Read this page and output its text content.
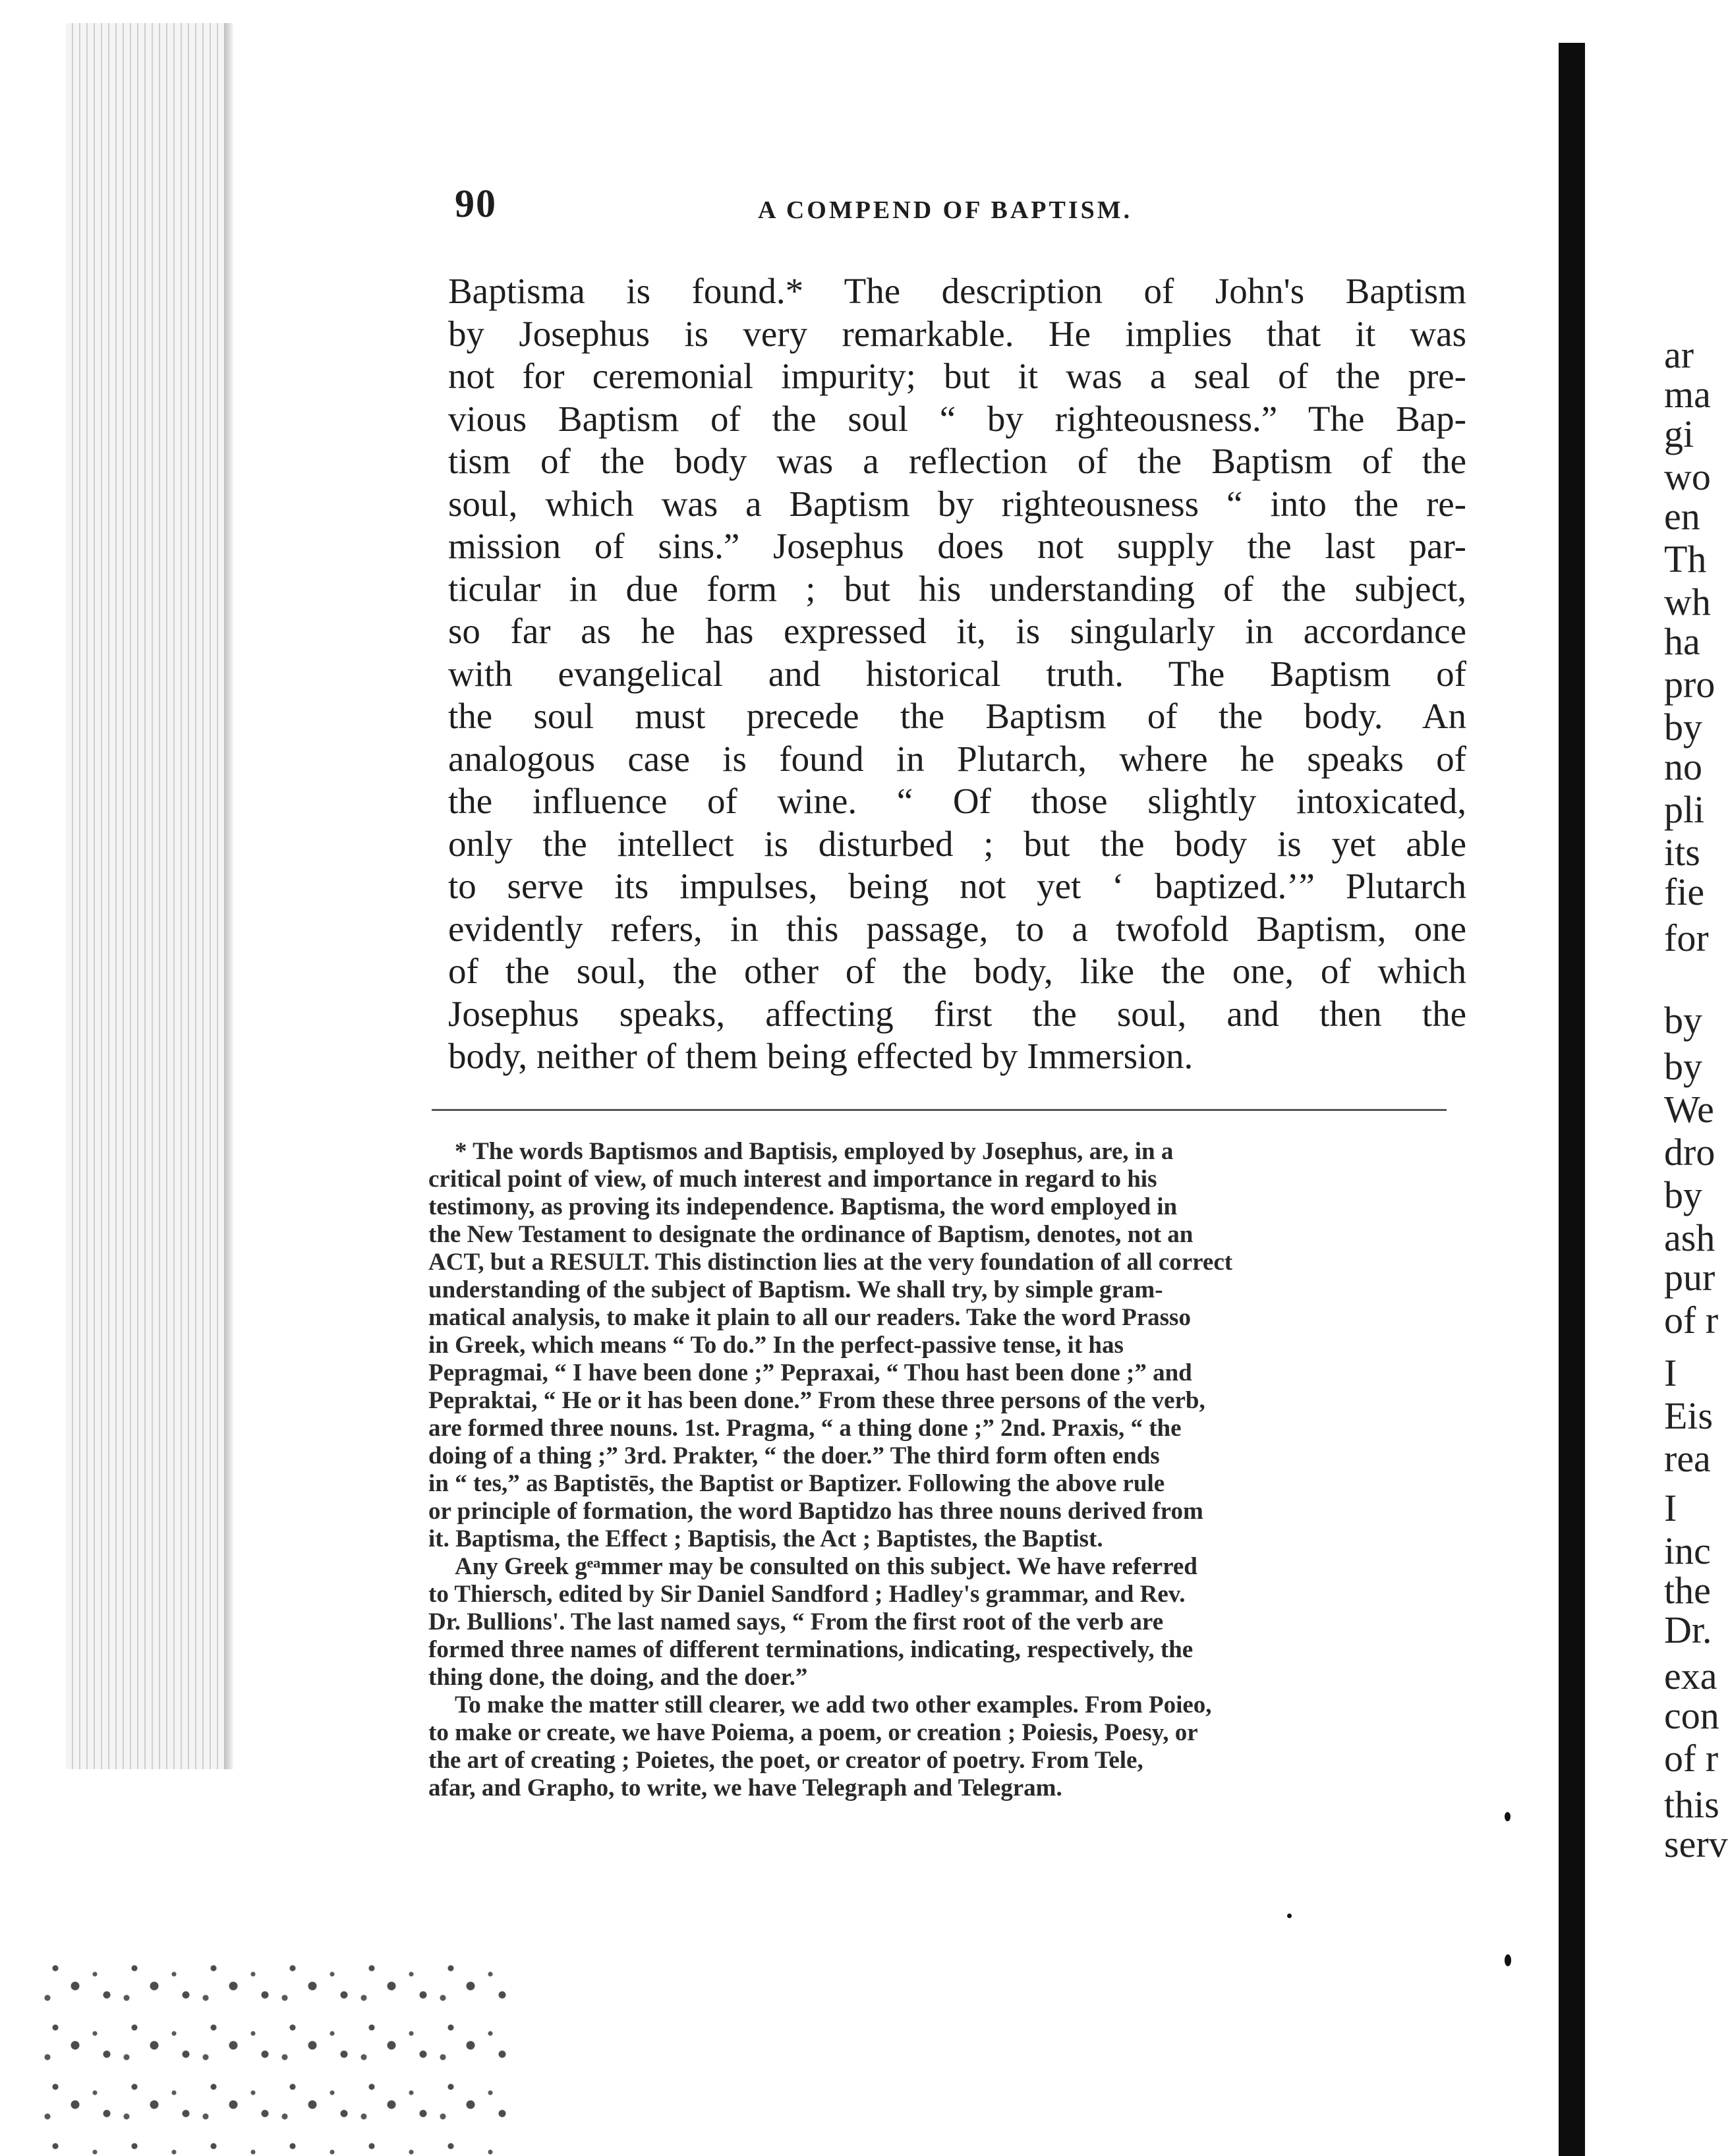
90	A COMPEND OF BAPTISM.
Baptisma is found.* The description of John's Baptism
by Josephus is very remarkable. He implies that it was
not for ceremonial impurity; but it was a seal of the pre-
vious Baptism of the soul “ by righteousness.” The Bap-
tism of the body was a reflection of the Baptism of the
soul, which was a Baptism by righteousness “ into the re-
mission of sins.” Josephus does not supply the last par-
ticular in due form ; but his understanding of the subject,
so far as he has expressed it, is singularly in accordance
with evangelical and historical truth. The Baptism of
the soul must precede the Baptism of the body. An
analogous case is found in Plutarch, where he speaks of
the influence of wine. “ Of those slightly intoxicated,
only the intellect is disturbed ; but the body is yet able
to serve its impulses, being not yet ‘ baptized.’” Plutarch
evidently refers, in this passage, to a twofold Baptism, one
of the soul, the other of the body, like the one, of which
Josephus speaks, affecting first the soul, and then the
body, neither of them being effected by Immersion.
* The words Baptismos and Baptisis, employed by Josephus, are, in a
critical point of view, of much interest and importance in regard to his
testimony, as proving its independence. Baptisma, the word employed in
the New Testament to designate the ordinance of Baptism, denotes, not an
ACT, but a RESULT. This distinction lies at the very foundation of all correct
understanding of the subject of Baptism. We shall try, by simple gram-
matical analysis, to make it plain to all our readers. Take the word Prasso
in Greek, which means “ To do.” In the perfect-passive tense, it has
Pepragmai, “ I have been done ;” Pepraxai, “ Thou hast been done ;” and
Pepraktai, “ He or it has been done.” From these three persons of the verb,
are formed three nouns. 1st. Pragma, “ a thing done ;” 2nd. Praxis, “ the
doing of a thing ;” 3rd. Prakter, “ the doer.” The third form often ends
in “ tes,” as Baptistēs, the Baptist or Baptizer. Following the above rule
or principle of formation, the word Baptidzo has three nouns derived from
it. Baptisma, the Effect ; Baptisis, the Act ; Baptistes, the Baptist.
Any Greek gᵉᵃmmer may be consulted on this subject. We have referred
to Thiersch, edited by Sir Daniel Sandford ; Hadley's grammar, and Rev.
Dr. Bullions'. The last named says, “ From the first root of the verb are
formed three names of different terminations, indicating, respectively, the
thing done, the doing, and the doer.”
To make the matter still clearer, we add two other examples. From Poieo,
to make or create, we have Poiema, a poem, or creation ; Poiesis, Poesy, or
the art of creating ; Poietes, the poet, or creator of poetry. From Tele,
afar, and Grapho, to write, we have Telegraph and Telegram.
ar
ma
gi
wo
en
Th
wh
ha
pro
by
no
pli
its
fie
for
by
by
We
dro
by
ash
pur
of r
I
Eis
rea
I
inc
the
Dr.
exa
con
of r
this
serv
